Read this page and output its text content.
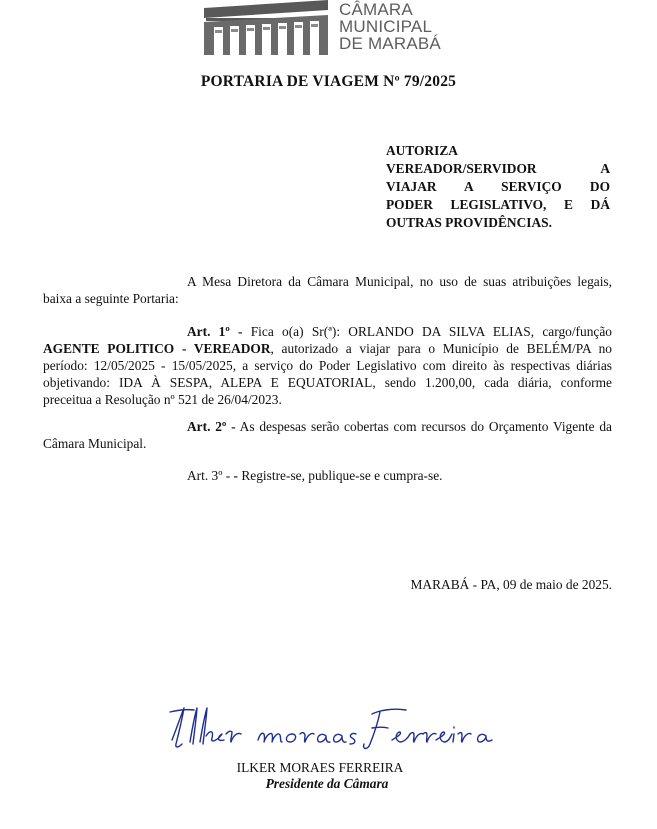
CÂMARA
MUNICIPAL
DE MARABÁ
PORTARIA DE VIAGEM Nº 79/2025
AUTORIZA
VEREADOR/SERVIDOR A
VIAJAR A SERVIÇO DO
PODER LEGISLATIVO, E DÁ
OUTRAS PROVIDÊNCIAS.
A Mesa Diretora da Câmara Municipal, no uso de suas atribuições legais,
baixa a seguinte Portaria:
Art. 1º - Fica o(a) Sr(ª): ORLANDO DA SILVA ELIAS, cargo/função
AGENTE POLITICO - VEREADOR, autorizado a viajar para o Município de BELÉM/PA no
período: 12/05/2025 - 15/05/2025, a serviço do Poder Legislativo com direito às respectivas diárias
objetivando: IDA À SESPA, ALEPA E EQUATORIAL, sendo 1.200,00, cada diária, conforme
preceitua a Resolução nº 521 de 26/04/2023.
Art. 2º - As despesas serão cobertas com recursos do Orçamento Vigente da
Câmara Municipal.
Art. 3º - - Registre-se, publique-se e cumpra-se.
MARABÁ - PA, 09 de maio de 2025.
ILKER MORAES FERREIRA
Presidente da Câmara
